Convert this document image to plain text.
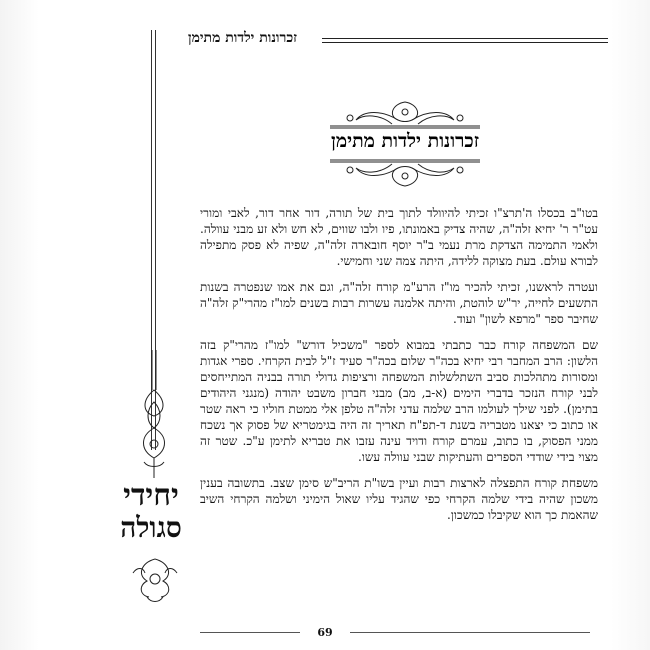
זכרונות ילדות מתימן
יחידי
סגולה
זכרונות ילדות מתימן

בטו"ב בכסלו ה'תרצ"ו זכיתי להיוולד לתוך בית של תורה, דור אחר דור, לאבי ומורי עט"ר ר' יחיא זלה"ה, שהיה צדיק באמונתו, פיו ולבו שווים, לא חש ולא זע מבני עוולה. ולאמי התמימה הצדקת מרת נעמי ב"ר יוסף חובארה זלה"ה, שפיה לא פסק מתפילה לבורא עולם. בעת מצוקה ללידה, היתה צמה שני וחמישי.

ועטרה לראשנו, זכיתי להכיר מו"ז הרע"מ קורח זלה"ה, וגם את אמו שנפטרה בשנות התשעים לחייה, יר"ש לוהטת, והיתה אלמנה עשרות רבות בשנים למו"ז מהרי"ק זלה"ה שחיבר ספר "מרפא לשון" ועוד.

שם המשפחה קורח כבר כתבתי במבוא לספר "משכיל דורש" למו"ז מהרי"ק בזה הלשון: הרב המחבר רבי יחיא בכה"ר שלום בכה"ר סעיד ז"ל לבית הקרחי. ספרי אגדות ומסורות מתהלכות סביב השתלשלות המשפחה ורציפות גדולי תורה בבניה המתייחסים לבני קורח הנזכר בדברי הימים (א-ב, מב) מבני חברון משבט יהודה (מנגני היהודים בתימן). לפני שילך לעולמו הרב שלמה עדני זלה"ה טלפן אלי ממטת חוליו כי ראה שטר או כתוב כי יצאנו מטבריה בשנת ד-תפ"ח תאריך זה היה בגימטריא של פסוק אך נשכח ממני הפסוק, בו כתוב, עמרם קורח ודויד עינה עזבו את טבריא לתימן ע"כ. שטר זה מצוי בידי שודדי הספרים והעתיקות שבני עוולה עשו.

משפחת קורח התפצלה לארצות רבות ועיין בשו"ת הריב"ש סימן שצב. בתשובה בענין משכון שהיה בידי שלמה הקרחי כפי שהגיד עליו שאול הימיני ושלמה הקרחי השיב שהאמת כך הוא שקיבלו כמשכון.

69
